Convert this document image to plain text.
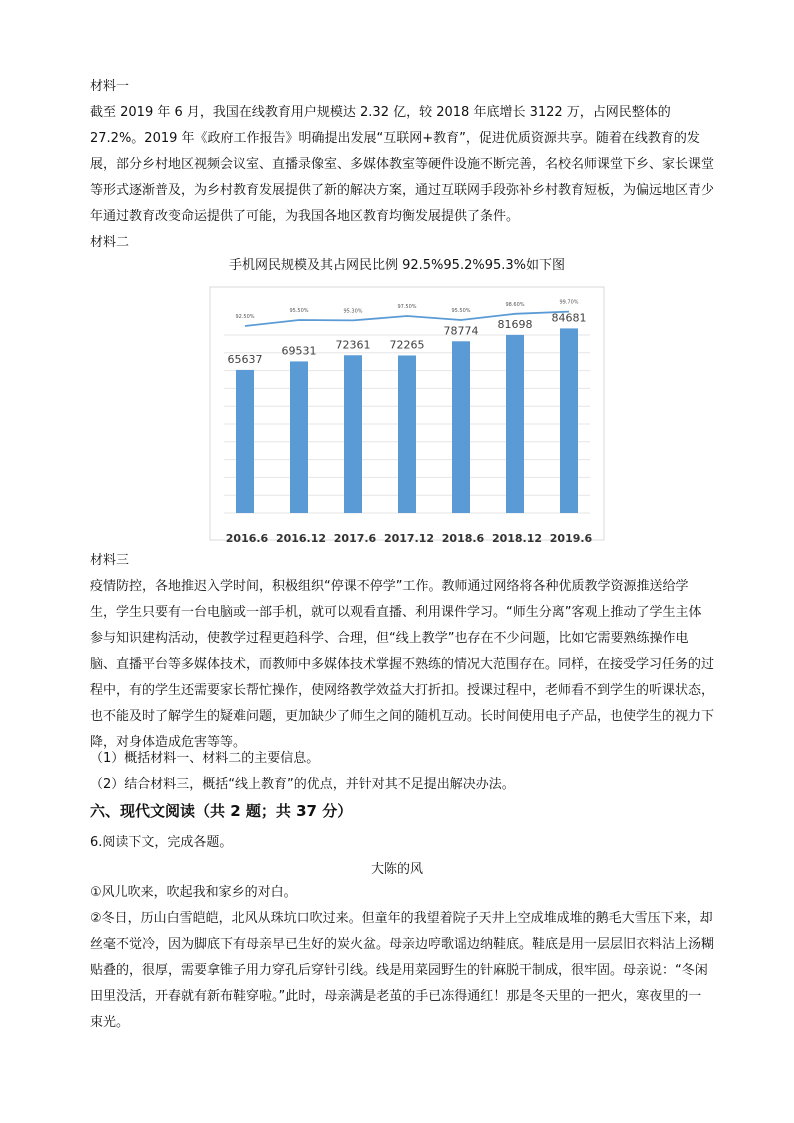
材料一

截至 2019 年 6 月，我国在线教育用户规模达 2.32 亿，较 2018 年底增长 3122 万，占网民整体的 27.2%。2019 年《政府工作报告》明确提出发展“互联网+教育”，促进优质资源共享。随着在线教育的发展，部分乡村地区视频会议室、直播录像室、多媒体教室等硬件设施不断完善，名校名师课堂下乡、家长课堂等形式逐渐普及，为乡村教育发展提供了新的解决方案，通过互联网手段弥补乡村教育短板，为偏远地区青少年通过教育改变命运提供了可能，为我国各地区教育均衡发展提供了条件。

材料二

手机网民规模及其占网民比例 92.5%95.2%95.3%如下图

65637
69531 72361 72265
78774 81698
84681
92.50%
95.50%	95.30%
97.50%
95.50%
98.60%	99.70%
2016.6 2016.12 2017.6 2017.12 2018.6 2018.12 2019.6

材料三

疫情防控，各地推迟入学时间，积极组织“停课不停学”工作。教师通过网络将各种优质教学资源推送给学生，学生只要有一台电脑或一部手机，就可以观看直播、利用课件学习。“师生分离”客观上推动了学生主体参与知识建构活动，使教学过程更趋科学、合理，但“线上教学”也存在不少问题，比如它需要熟练操作电脑、直播平台等多媒体技术，而教师中多媒体技术掌握不熟练的情况大范围存在。同样，在接受学习任务的过程中，有的学生还需要家长帮忙操作，使网络教学效益大打折扣。授课过程中，老师看不到学生的听课状态，也不能及时了解学生的疑难问题，更加缺少了师生之间的随机互动。长时间使用电子产品，也使学生的视力下降，对身体造成危害等等。

（1）概括材料一、材料二的主要信息。

（2）结合材料三，概括“线上教育”的优点，并针对其不足提出解决办法。

六、现代文阅读（共 2 题；共 37 分）

6.阅读下文，完成各题。

大陈的风

①风儿吹来，吹起我和家乡的对白。

②冬日，历山白雪皑皑，北风从珠坑口吹过来。但童年的我望着院子天井上空成堆成堆的鹅毛大雪压下来，却丝毫不觉冷，因为脚底下有母亲早已生好的炭火盆。母亲边哼歌谣边纳鞋底。鞋底是用一层层旧衣料沾上汤糊贴叠的，很厚，需要拿锥子用力穿孔后穿针引线。线是用菜园野生的针麻脱干制成，很牢固。母亲说：“冬闲田里没活，开春就有新布鞋穿啦。”此时，母亲满是老茧的手已冻得通红！那是冬天里的一把火，寒夜里的一束光。
